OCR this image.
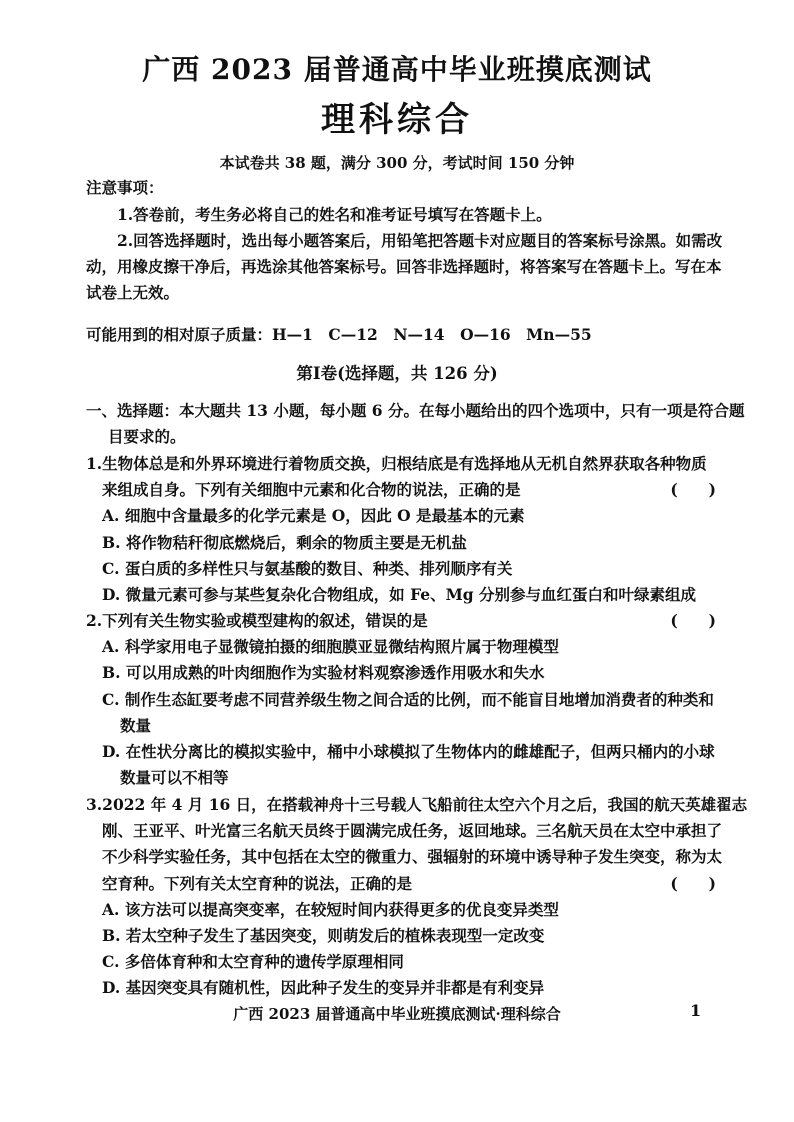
广西 2023 届普通高中毕业班摸底测试
理科综合
本试卷共 38 题，满分 300 分，考试时间 150 分钟
注意事项：
1.答卷前，考生务必将自己的姓名和准考证号填写在答题卡上。
2.回答选择题时，选出每小题答案后，用铅笔把答题卡对应题目的答案标号涂黑。如需改
动，用橡皮擦干净后，再选涂其他答案标号。回答非选择题时，将答案写在答题卡上。写在本
试卷上无效。
可能用到的相对原子质量：H—1　C—12　N—14　O—16　Mn—55
第Ⅰ卷(选择题，共 126 分)
一、选择题：本大题共 13 小题，每小题 6 分。在每小题给出的四个选项中，只有一项是符合题
目要求的。
1.生物体总是和外界环境进行着物质交换，归根结底是有选择地从无机自然界获取各种物质
来组成自身。下列有关细胞中元素和化合物的说法，正确的是	(　　)
A. 细胞中含量最多的化学元素是 O，因此 O 是最基本的元素
B. 将作物秸秆彻底燃烧后，剩余的物质主要是无机盐
C. 蛋白质的多样性只与氨基酸的数目、种类、排列顺序有关
D. 微量元素可参与某些复杂化合物组成，如 Fe、Mg 分别参与血红蛋白和叶绿素组成
2.下列有关生物实验或模型建构的叙述，错误的是	(　　)
A. 科学家用电子显微镜拍摄的细胞膜亚显微结构照片属于物理模型
B. 可以用成熟的叶肉细胞作为实验材料观察渗透作用吸水和失水
C. 制作生态缸要考虑不同营养级生物之间合适的比例，而不能盲目地增加消费者的种类和
数量
D. 在性状分离比的模拟实验中，桶中小球模拟了生物体内的雌雄配子，但两只桶内的小球
数量可以不相等
3.2022 年 4 月 16 日，在搭载神舟十三号载人飞船前往太空六个月之后，我国的航天英雄翟志
刚、王亚平、叶光富三名航天员终于圆满完成任务，返回地球。三名航天员在太空中承担了
不少科学实验任务，其中包括在太空的微重力、强辐射的环境中诱导种子发生突变，称为太
空育种。下列有关太空育种的说法，正确的是	(　　)
A. 该方法可以提高突变率，在较短时间内获得更多的优良变异类型
B. 若太空种子发生了基因突变，则萌发后的植株表现型一定改变
C. 多倍体育种和太空育种的遗传学原理相同
D. 基因突变具有随机性，因此种子发生的变异并非都是有利变异
广西 2023 届普通高中毕业班摸底测试·理科综合	1
